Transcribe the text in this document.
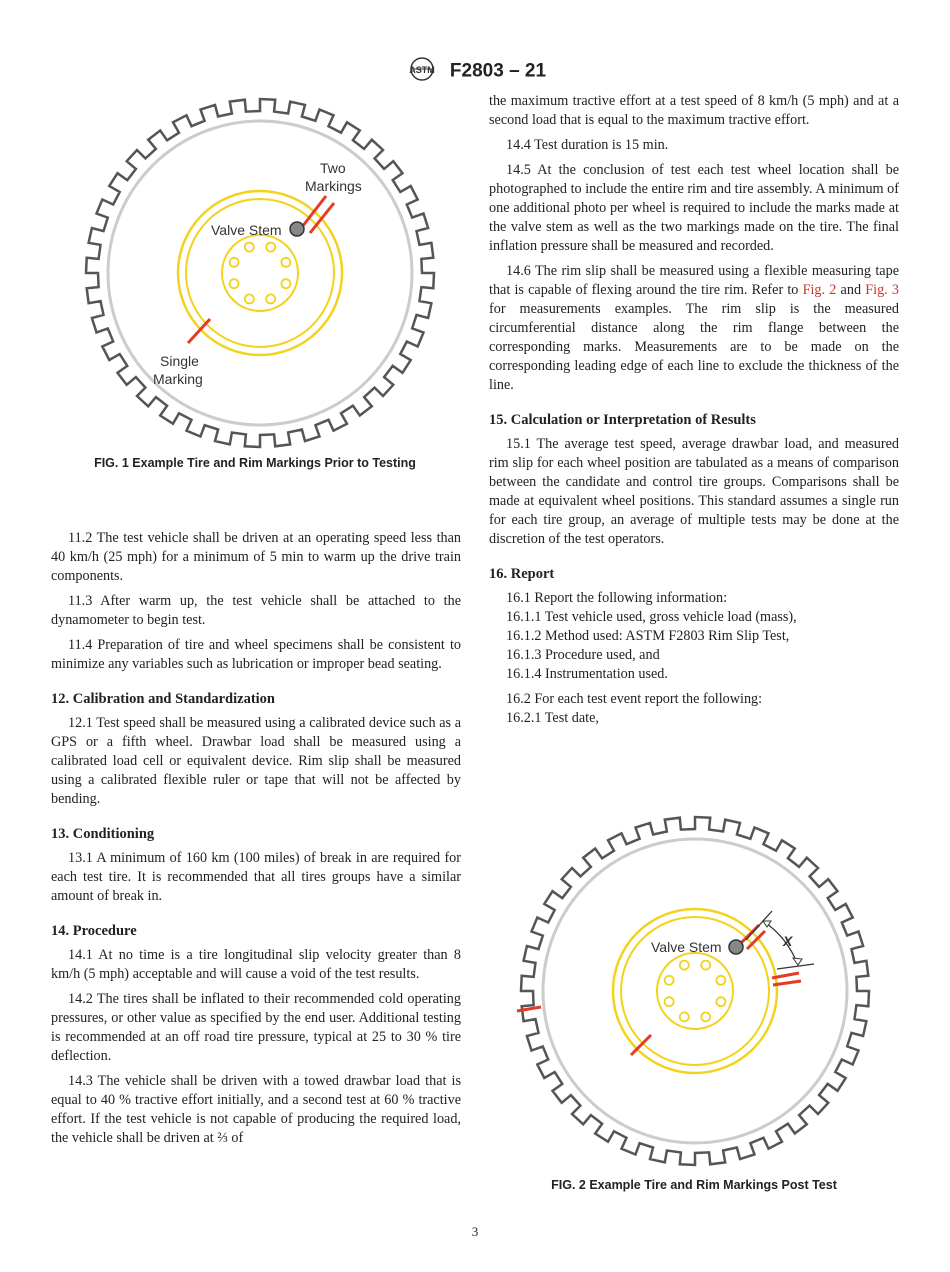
ASTM F2803 – 21
Two
Markings
Valve Stem
Single
Marking
FIG. 1 Example Tire and Rim Markings Prior to Testing

11.2 The test vehicle shall be driven at an operating speed less than 40 km/h (25 mph) for a minimum of 5 min to warm up the drive train components.

11.3 After warm up, the test vehicle shall be attached to the dynamometer to begin test.

11.4 Preparation of tire and wheel specimens shall be consistent to minimize any variables such as lubrication or improper bead seating.

12. Calibration and Standardization

12.1 Test speed shall be measured using a calibrated device such as a GPS or a fifth wheel. Drawbar load shall be measured using a calibrated load cell or equivalent device. Rim slip shall be measured using a calibrated flexible ruler or tape that will not be affected by bending.

13. Conditioning

13.1 A minimum of 160 km (100 miles) of break in are required for each test tire. It is recommended that all tires groups have a similar amount of break in.

14. Procedure

14.1 At no time is a tire longitudinal slip velocity greater than 8 km/h (5 mph) acceptable and will cause a void of the test results.

14.2 The tires shall be inflated to their recommended cold operating pressures, or other value as specified by the end user. Additional testing is recommended at an off road tire pressure, typical at 25 to 30 % tire deflection.

14.3 The vehicle shall be driven with a towed drawbar load that is equal to 40 % tractive effort initially, and a second test at 60 % tractive effort. If the test vehicle is not capable of producing the required load, the vehicle shall be driven at ⅔ of

the maximum tractive effort at a test speed of 8 km/h (5 mph) and at a second load that is equal to the maximum tractive effort.

14.4 Test duration is 15 min.

14.5 At the conclusion of test each test wheel location shall be photographed to include the entire rim and tire assembly. A minimum of one additional photo per wheel is required to include the marks made at the valve stem as well as the two markings made on the tire. The final inflation pressure shall be measured and recorded.

14.6 The rim slip shall be measured using a flexible measuring tape that is capable of flexing around the tire rim. Refer to Fig. 2 and Fig. 3 for measurements examples. The rim slip is the measured circumferential distance along the rim flange between the corresponding marks. Measurements are to be made on the corresponding leading edge of each line to exclude the thickness of the line.

15. Calculation or Interpretation of Results

15.1 The average test speed, average drawbar load, and measured rim slip for each wheel position are tabulated as a means of comparison between the candidate and control tire groups. Comparisons shall be made at equivalent wheel positions. This standard assumes a single run for each tire group, an average of multiple tests may be done at the discretion of the test operators.

16. Report

16.1 Report the following information:

16.1.1 Test vehicle used, gross vehicle load (mass),

16.1.2 Method used: ASTM F2803 Rim Slip Test,

16.1.3 Procedure used, and

16.1.4 Instrumentation used.

16.2 For each test event report the following:

16.2.1 Test date,

Valve Stem	X
FIG. 2 Example Tire and Rim Markings Post Test
3
